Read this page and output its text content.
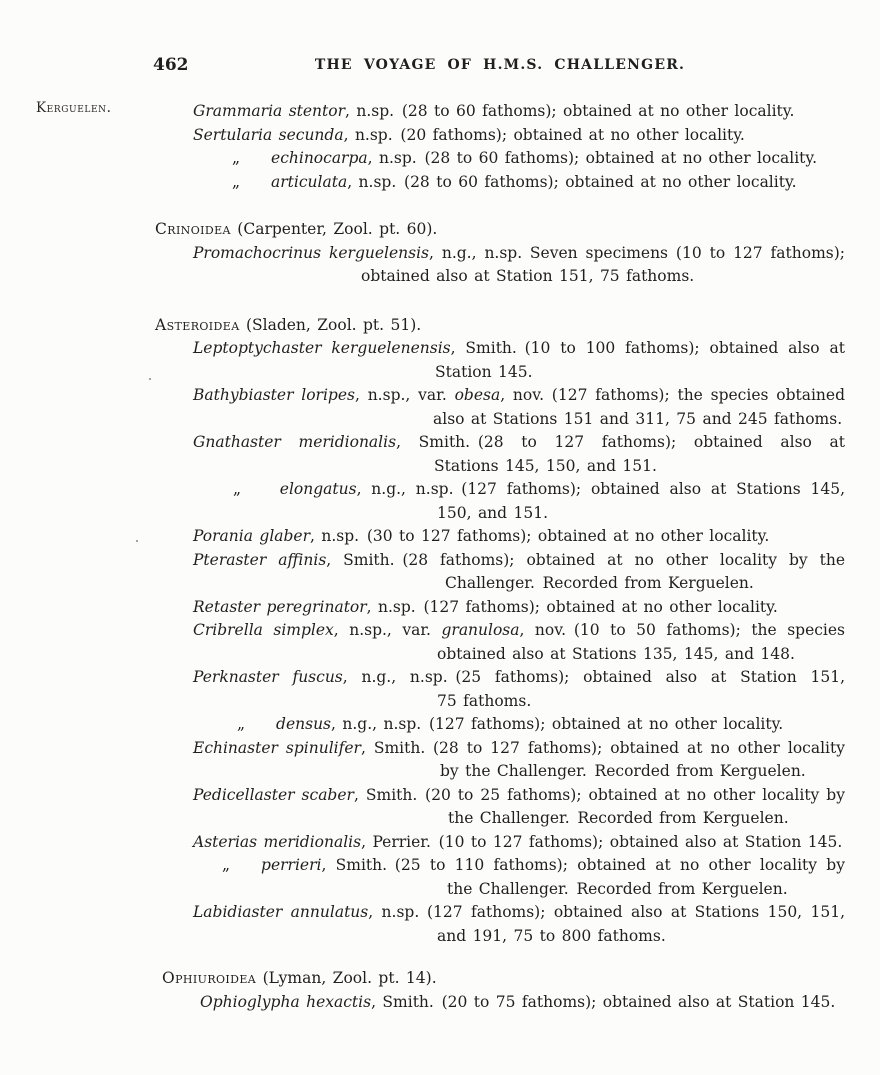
Kerguelen.
462	THE VOYAGE OF H.M.S. CHALLENGER.
Grammaria stentor, n.sp. (28 to 60 fathoms); obtained at no other locality.
Sertularia secunda, n.sp. (20 fathoms); obtained at no other locality.
„  echinocarpa, n.sp. (28 to 60 fathoms); obtained at no other locality.
„  articulata, n.sp. (28 to 60 fathoms); obtained at no other locality.
Crinoidea (Carpenter, Zool. pt. 60).
Promachocrinus kerguelensis, n.g., n.sp. Seven specimens (10 to 127 fathoms);
obtained also at Station 151, 75 fathoms.
Asteroidea (Sladen, Zool. pt. 51).
Leptoptychaster kerguelenensis, Smith. (10 to 100 fathoms); obtained also at
Station 145.
Bathybiaster loripes, n.sp., var. obesa, nov. (127 fathoms); the species obtained
also at Stations 151 and 311, 75 and 245 fathoms.
Gnathaster meridionalis, Smith. (28 to 127 fathoms); obtained also at
Stations 145, 150, and 151.
„   elongatus, n.g., n.sp. (127 fathoms); obtained also at Stations 145,
150, and 151.
Porania glaber, n.sp. (30 to 127 fathoms); obtained at no other locality.
Pteraster affinis, Smith. (28 fathoms); obtained at no other locality by the
Challenger. Recorded from Kerguelen.
Retaster peregrinator, n.sp. (127 fathoms); obtained at no other locality.
Cribrella simplex, n.sp., var. granulosa, nov. (10 to 50 fathoms); the species
obtained also at Stations 135, 145, and 148.
Perknaster fuscus, n.g., n.sp. (25 fathoms); obtained also at Station 151,
75 fathoms.
„  densus, n.g., n.sp. (127 fathoms); obtained at no other locality.
Echinaster spinulifer, Smith. (28 to 127 fathoms); obtained at no other locality
by the Challenger. Recorded from Kerguelen.
Pedicellaster scaber, Smith. (20 to 25 fathoms); obtained at no other locality by
the Challenger. Recorded from Kerguelen.
Asterias meridionalis, Perrier. (10 to 127 fathoms); obtained also at Station 145.
„  perrieri, Smith. (25 to 110 fathoms); obtained at no other locality by
the Challenger. Recorded from Kerguelen.
Labidiaster annulatus, n.sp. (127 fathoms); obtained also at Stations 150, 151,
and 191, 75 to 800 fathoms.
Ophiuroidea (Lyman, Zool. pt. 14).
Ophioglypha hexactis, Smith. (20 to 75 fathoms); obtained also at Station 145.
